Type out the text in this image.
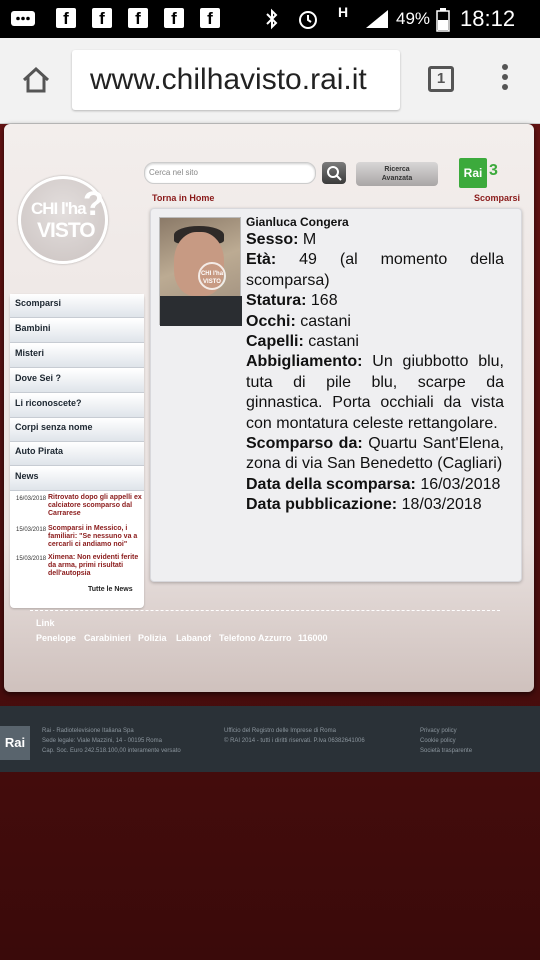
f	f	f	f	f	H	49% 18:12
www.chilhavisto.rai.it	1
CHI l'ha
VISTO
?
Cerca nel sito	Ricerca
Avanzata	Rai 3
Torna in Home	Scomparsi
Scomparsi
Bambini
Misteri
Dove Sei ?
Li riconoscete?
Corpi senza nome
Auto Pirata
News
16/03/2018 Ritrovato dopo gli appelli ex calciatore scomparso dal Carrarese
15/03/2018 Scomparsi in Messico, i familiari: "Se nessuno va a cercarli ci andiamo noi"
15/03/2018 Ximena: Non evidenti ferite da arma, primi risultati dell'autopsia
Tutte le News
CHI l'ha VISTO
Gianluca Congera
Sesso: M
Età: 49 (al momento della scomparsa)
Statura: 168
Occhi: castani
Capelli: castani
Abbigliamento: Un giubbotto blu, tuta di pile blu, scarpe da ginnastica. Porta occhiali da vista con montatura celeste rettangolare.
Scomparso da: Quartu Sant'Elena, zona di via San Benedetto (Cagliari)
Data della scomparsa: 16/03/2018
Data pubblicazione: 18/03/2018
Link
Penelope Carabinieri Polizia Labanof Telefono Azzurro 116000
Rai
Rai - Radiotelevisione Italiana Spa
Sede legale: Viale Mazzini, 14 - 00195 Roma
Cap. Soc. Euro 242.518.100,00 interamente versato
Ufficio del Registro delle Imprese di Roma
© RAI 2014 - tutti i diritti riservati. P.Iva 06382641006
Privacy policy
Cookie policy
Società trasparente
